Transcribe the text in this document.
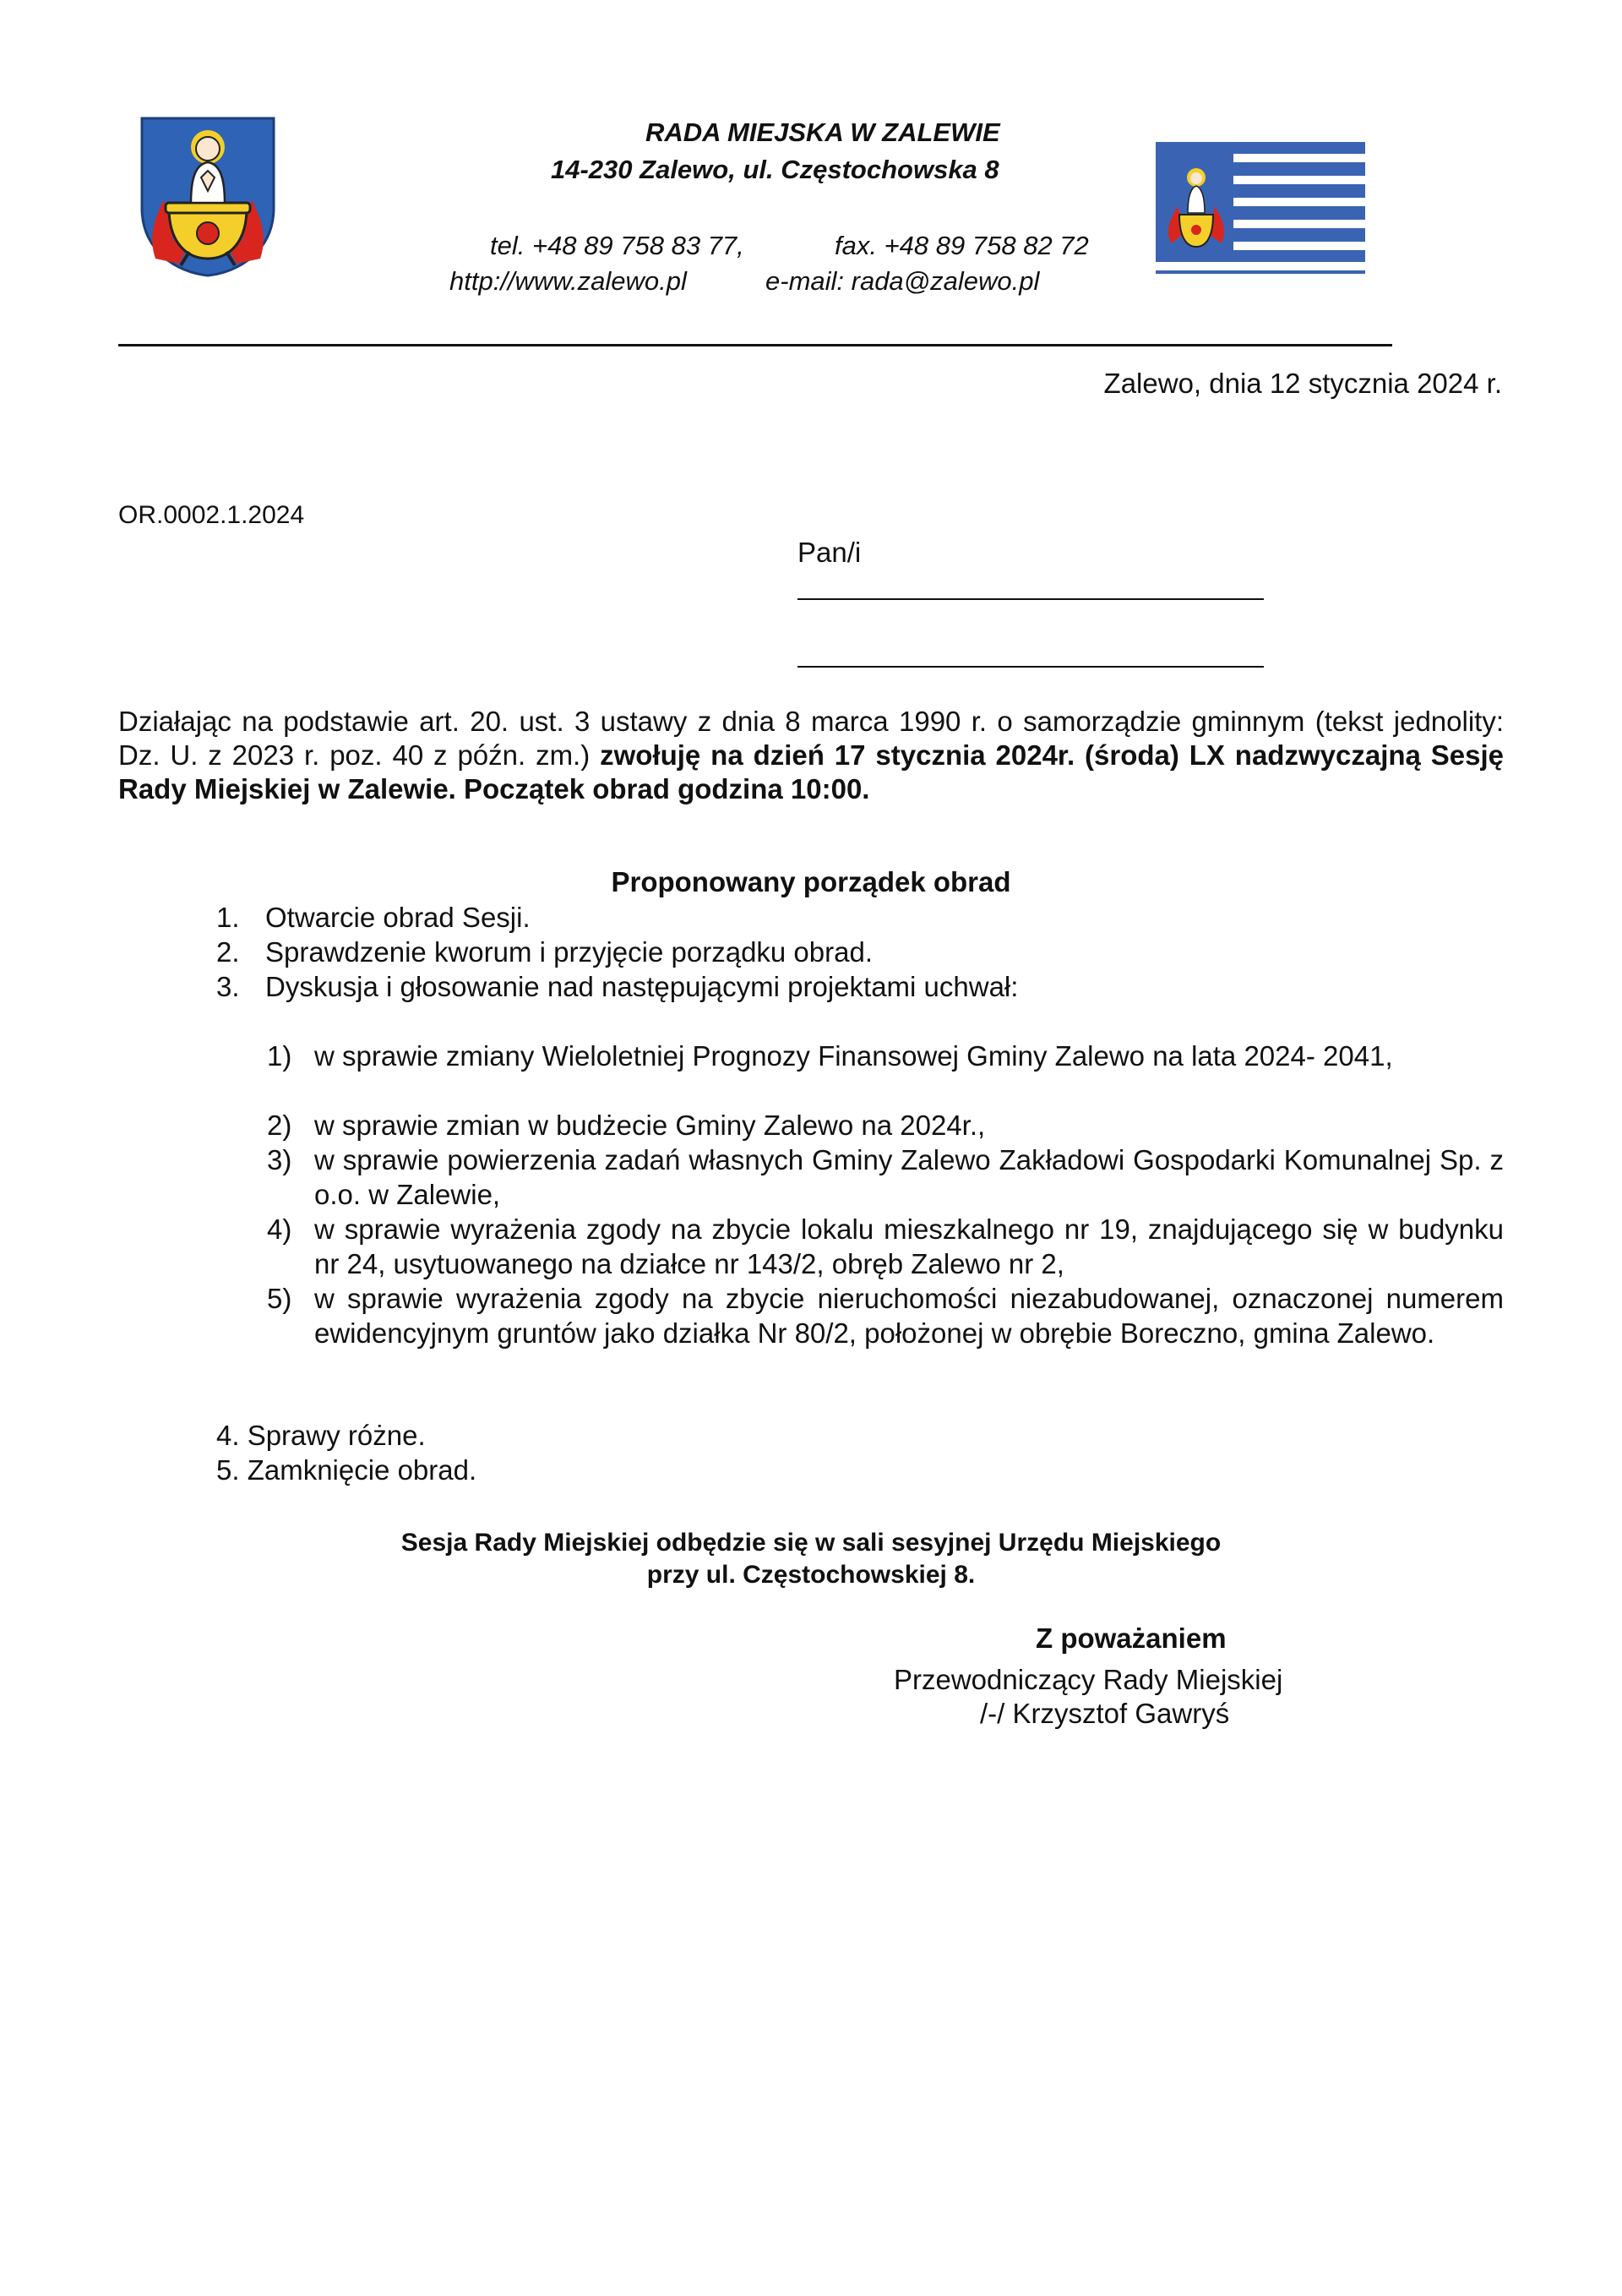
RADA MIEJSKA W ZALEWIE
14-230 Zalewo, ul. Częstochowska 8
tel. +48 89 758 83 77,	fax. +48 89 758 82 72
http://www.zalewo.pl	e-mail: rada@zalewo.pl
Zalewo, dnia 12 stycznia 2024 r.
OR.0002.1.2024
Pan/i

Działając na podstawie art. 20. ust. 3 ustawy z dnia 8 marca 1990 r. o samorządzie gminnym (tekst jednolity: Dz. U. z 2023 r. poz. 40 z późn. zm.) zwołuję na dzień 17 stycznia 2024r. (środa) LX nadzwyczajną Sesję Rady Miejskiej w Zalewie. Początek obrad godzina 10:00.

Proponowany porządek obrad
1. Otwarcie obrad Sesji.
2. Sprawdzenie kworum i przyjęcie porządku obrad.
3. Dyskusja i głosowanie nad następującymi projektami uchwał:
1) w sprawie zmiany Wieloletniej Prognozy Finansowej Gminy Zalewo na lata 2024- 2041,
2) w sprawie zmian w budżecie Gminy Zalewo na 2024r.,
3) w sprawie powierzenia zadań własnych Gminy Zalewo Zakładowi Gospodarki Komunalnej Sp. z o.o. w Zalewie,
4) w sprawie wyrażenia zgody na zbycie lokalu mieszkalnego nr 19, znajdującego się w budynku nr 24, usytuowanego na działce nr 143/2, obręb Zalewo nr 2,
5) w sprawie wyrażenia zgody na zbycie nieruchomości niezabudowanej, oznaczonej numerem ewidencyjnym gruntów jako działka Nr 80/2, położonej w obrębie Boreczno, gmina Zalewo.
4. Sprawy różne.
5. Zamknięcie obrad.
Sesja Rady Miejskiej odbędzie się w sali sesyjnej Urzędu Miejskiego
przy ul. Częstochowskiej 8.
Z poważaniem
Przewodniczący Rady Miejskiej
/-/ Krzysztof Gawryś
